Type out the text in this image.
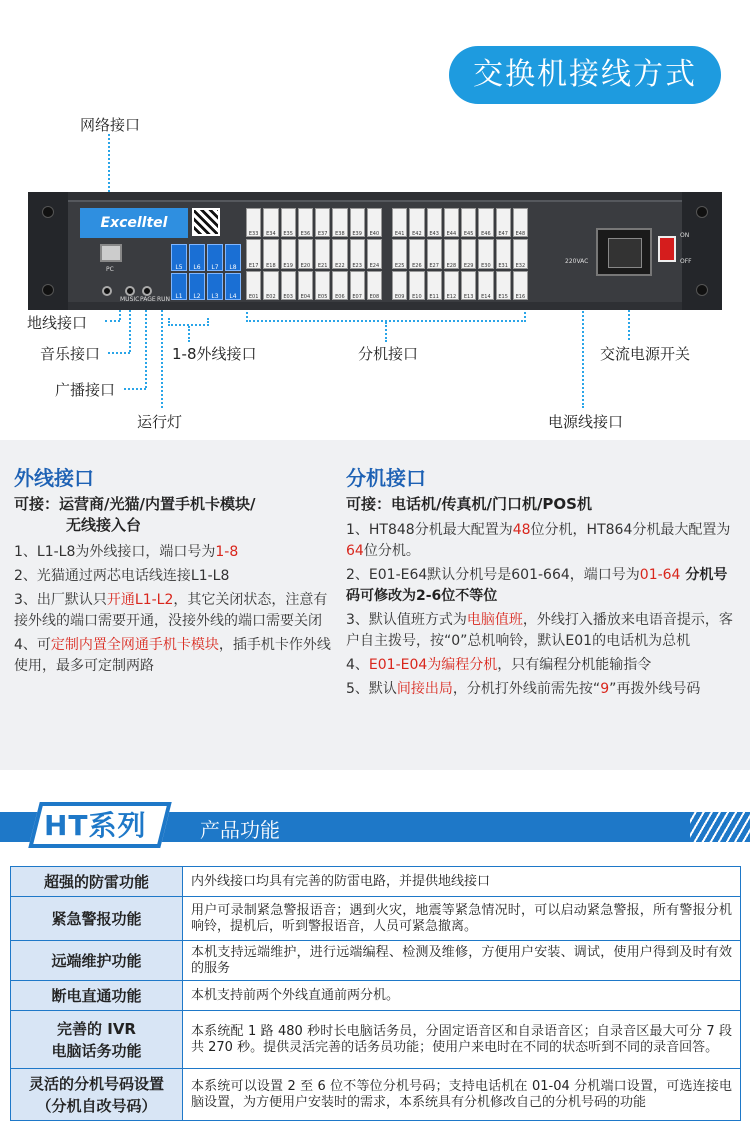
交换机接线方式
网络接口
地线接口
音乐接口
广播接口
运行灯
1-8外线接口	分机接口	交流电源开关
电源线接口
Excelltel
PC
MUSIC PAGE RUN
L5	L6	L7	L8
L1	L2	L3	L4
E33	E34	E35	E36	E37	E38	E39	E40
E17	E18	E19	E20	E21	E22	E23	E24
E01	E02	E03	E04	E05	E06	E07	E08
E41	E42	E43	E44	E45	E46	E47	E48
E25	E26	E27	E28	E29	E30	E31	E32
E09	E10	E11	E12	E13	E14	E15	E16
220VAC
ON
OFF
外线接口
可接：运营商/光猫/内置手机卡模块/
无线接入台
1、L1-L8为外线接口，端口号为1-8
2、光猫通过两芯电话线连接L1-L8
3、出厂默认只开通L1-L2，其它关闭状态，注意有接外线的端口需要开通，没接外线的端口需要关闭
4、可定制内置全网通手机卡模块，插手机卡作外线使用，最多可定制两路
分机接口
可接：电话机/传真机/门口机/POS机
1、HT848分机最大配置为48位分机，HT864分机最大配置为64位分机。
2、E01-E64默认分机号是601-664，端口号为01-64 分机号码可修改为2-6位不等位
3、默认值班方式为电脑值班，外线打入播放来电语音提示，客户自主拨号，按“0”总机响铃，默认E01的电话机为总机
4、E01-E04为编程分机，只有编程分机能输指令
5、默认间接出局，分机打外线前需先按“9”再拨外线号码
HT系列	产品功能
超强的防雷功能	内外线接口均具有完善的防雷电路，并提供地线接口
紧急警报功能	用户可录制紧急警报语音；遇到火灾，地震等紧急情况时，可以启动紧急警报，所有警报分机响铃，提机后，听到警报语音，人员可紧急撤离。
远端维护功能	本机支持远端维护，进行远端编程、检测及维修，方便用户安装、调试，使用户得到及时有效的服务
断电直通功能	本机支持前两个外线直通前两分机。
完善的 IVR
电脑话务功能	本系统配 1 路 480 秒时长电脑话务员，分固定语音区和自录语音区；自录音区最大可分 7 段共 270 秒。提供灵活完善的话务员功能；使用户来电时在不同的状态听到不同的录音回答。
灵活的分机号码设置
（分机自改号码）	本系统可以设置 2 至 6 位不等位分机号码；支持电话机在 01-04 分机端口设置，可选连接电脑设置，为方便用户安装时的需求，本系统具有分机修改自己的分机号码的功能
